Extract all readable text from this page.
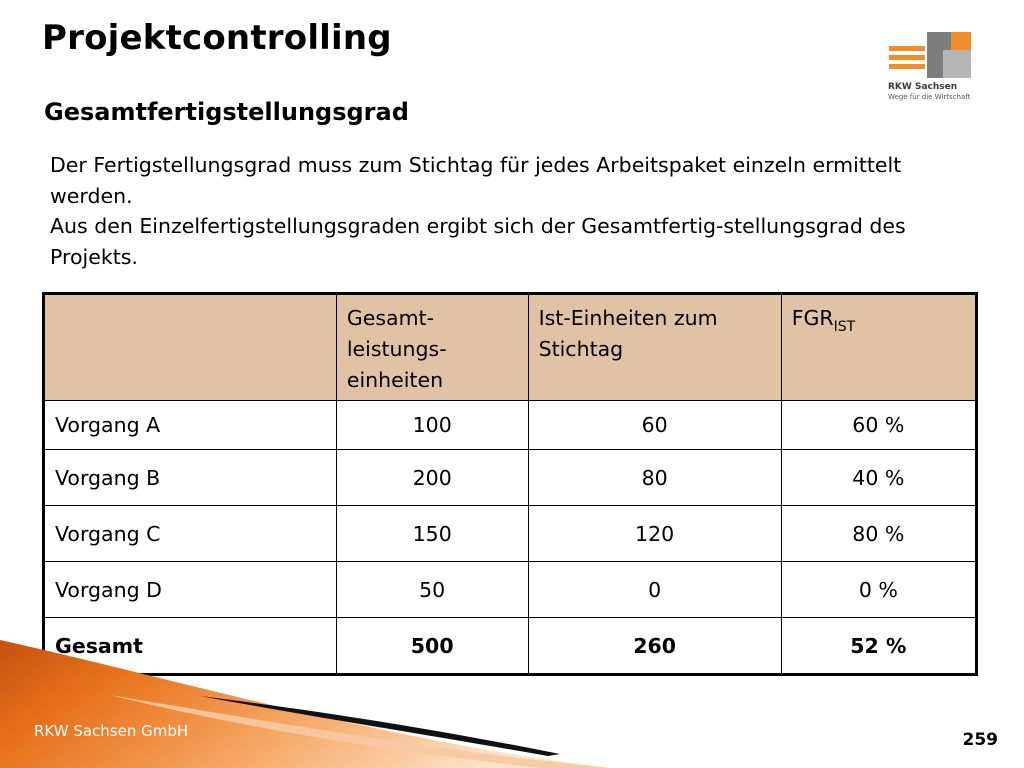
Projektcontrolling
RKW Sachsen
Wege für die Wirtschaft
Gesamtfertigstellungsgrad

Der Fertigstellungsgrad muss zum Stichtag für jedes Arbeitspaket einzeln ermittelt werden.

Aus den Einzelfertigstellungsgraden ergibt sich der Gesamtfertig-stellungsgrad des Projekts.

	Gesamt-leistungs-einheiten	Ist-Einheiten zum Stichtag	$FGR_{IST}$
Vorgang A	100	60	60 %
Vorgang B	200	80	40 %
Vorgang C	150	120	80 %
Vorgang D	50	0	0 %
Gesamt	500	260	52 %
RKW Sachsen GmbH	259
